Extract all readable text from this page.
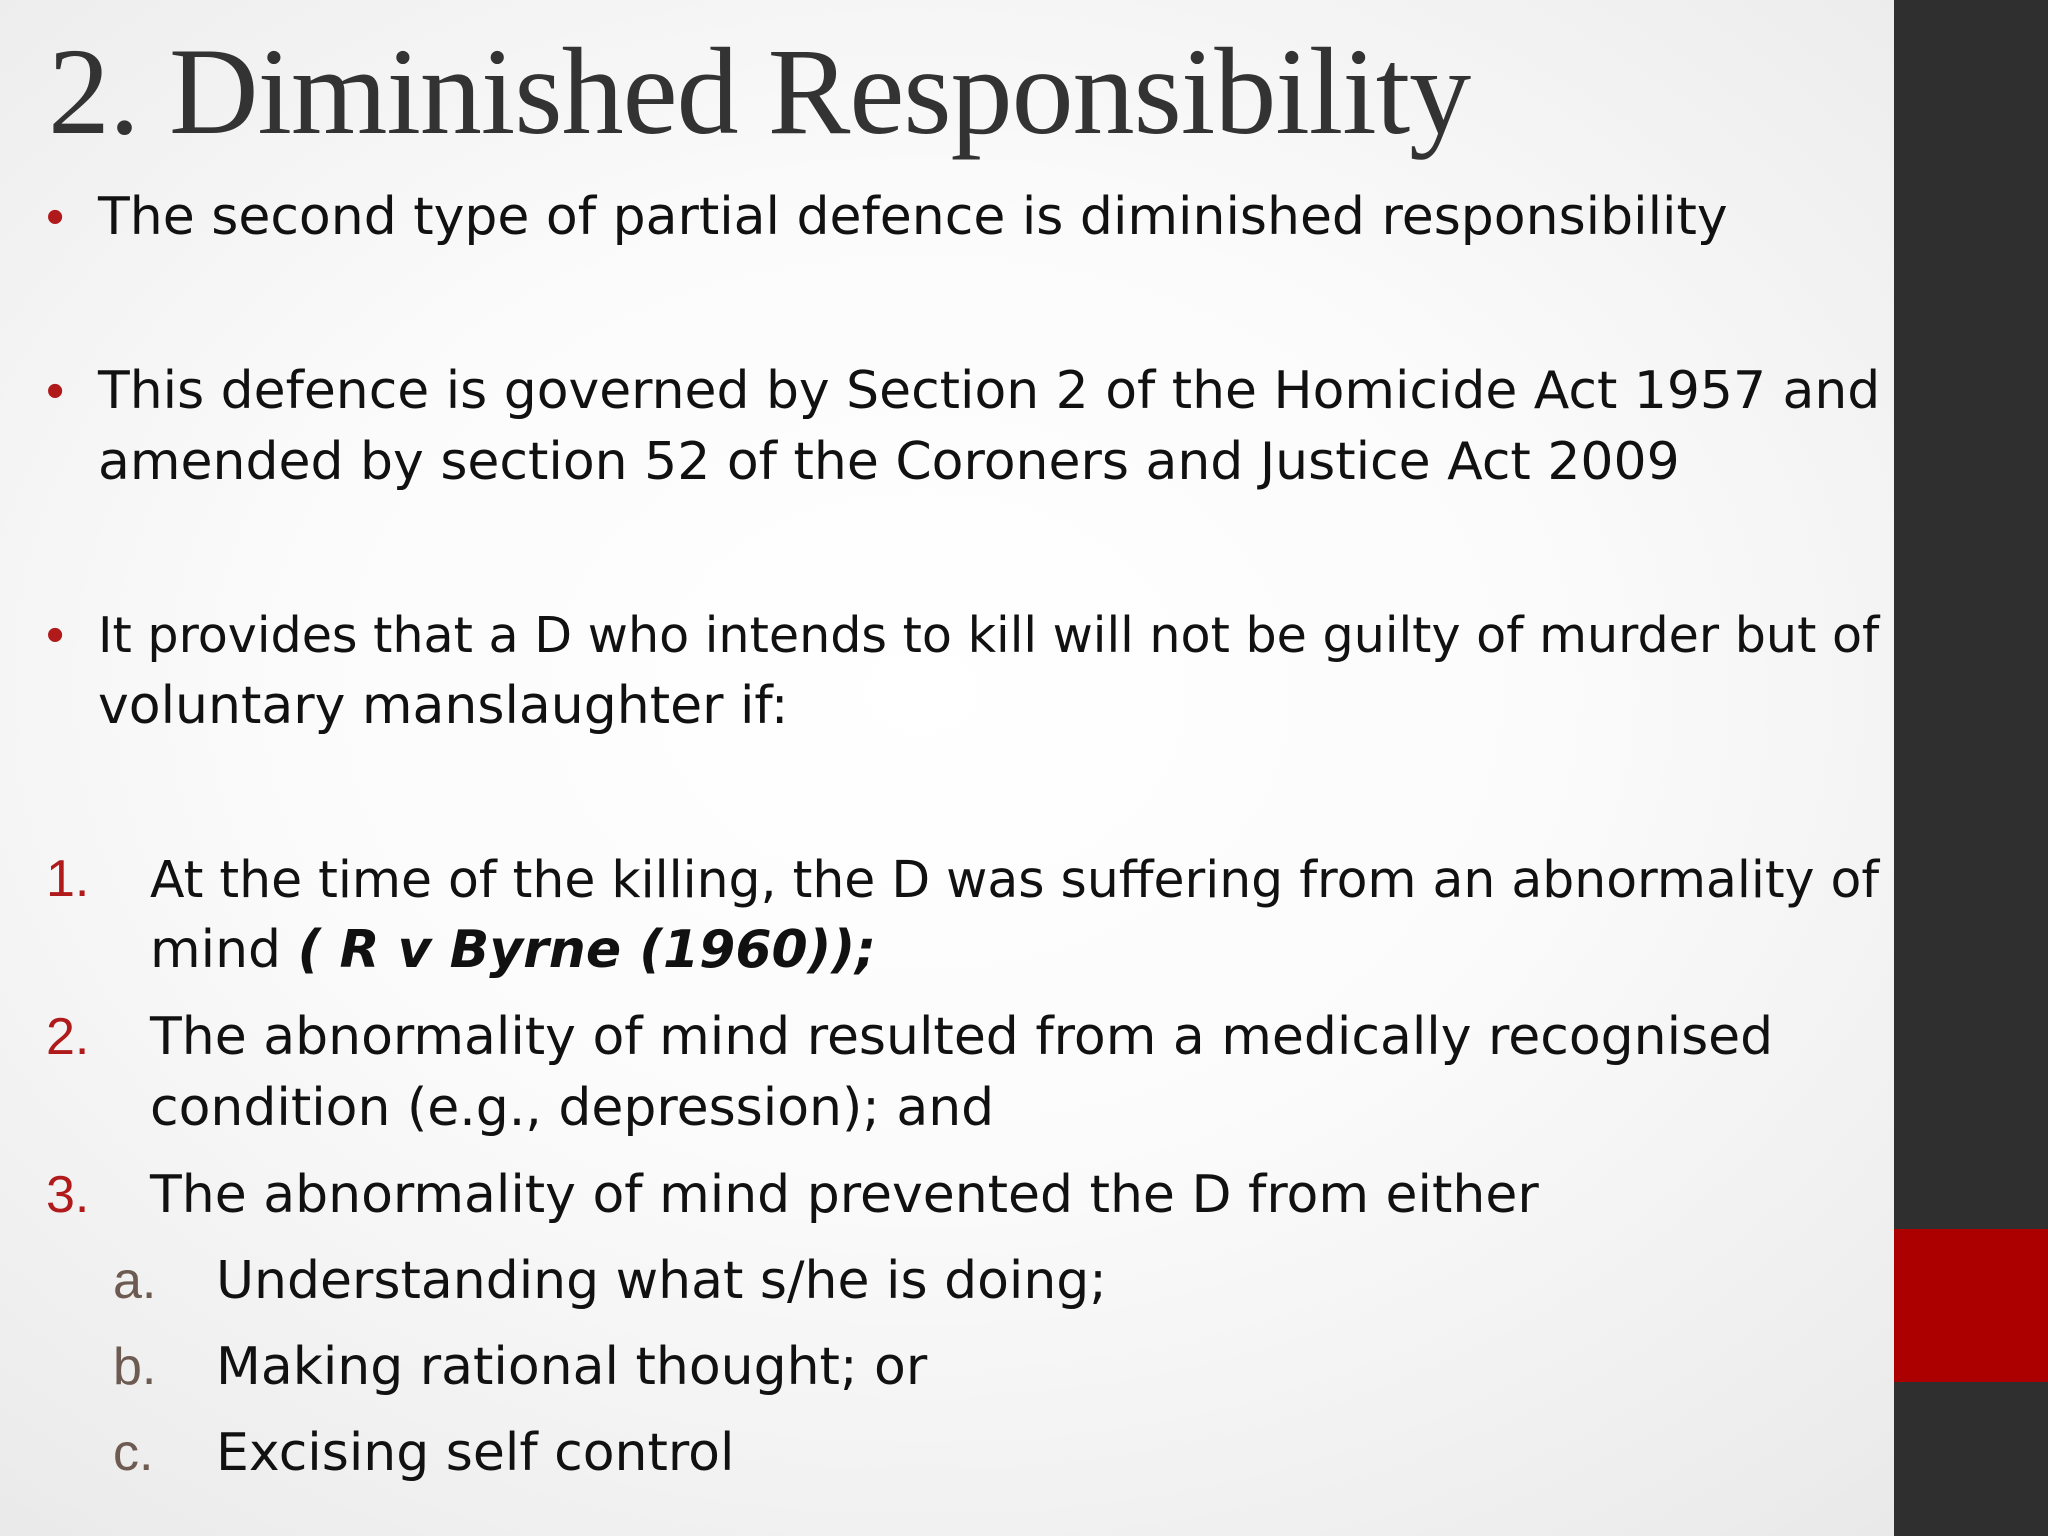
2. Diminished Responsibility
• The second type of partial defence is diminished responsibility
• This defence is governed by Section 2 of the Homicide Act 1957 and
amended by section 52 of the Coroners and Justice Act 2009
• It provides that a D who intends to kill will not be guilty of murder but of
voluntary manslaughter if:
1. At the time of the killing, the D was suffering from an abnormality of
mind ( R v Byrne (1960));
2. The abnormality of mind resulted from a medically recognised
condition (e.g., depression); and
3. The abnormality of mind prevented the D from either
a. Understanding what s/he is doing;
b. Making rational thought; or
c. Excising self control
